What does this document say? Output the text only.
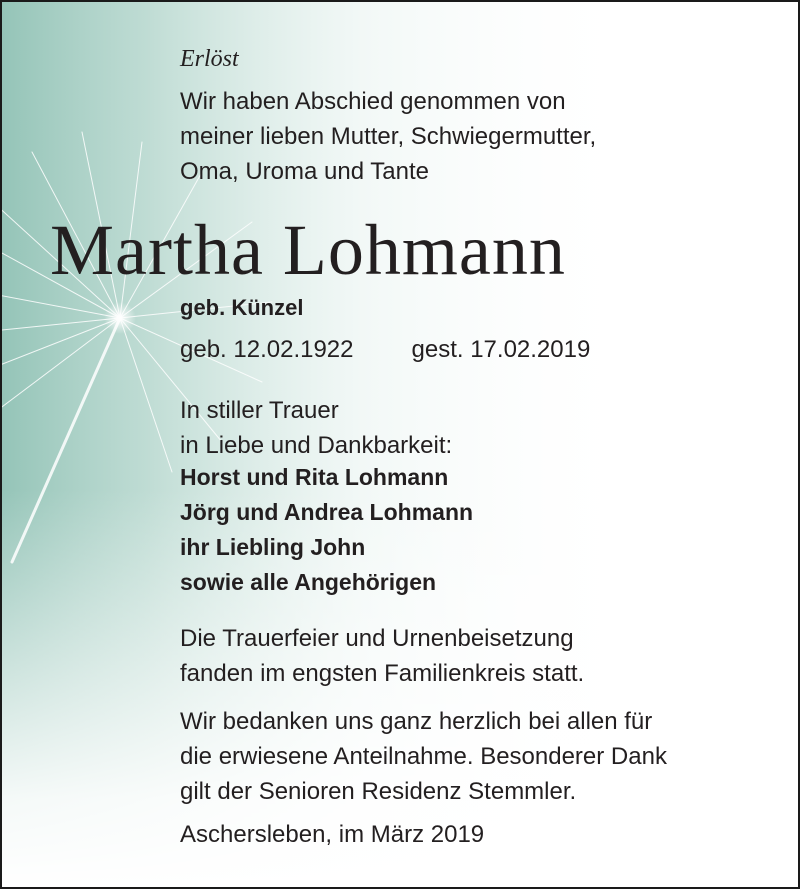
Erlöst
Wir haben Abschied genommen von
meiner lieben Mutter, Schwiegermutter,
Oma, Uroma und Tante
Martha Lohmann
geb. Künzel
geb. 12.02.1922 gest. 17.02.2019
In stiller Trauer
in Liebe und Dankbarkeit:
Horst und Rita Lohmann
Jörg und Andrea Lohmann
ihr Liebling John
sowie alle Angehörigen
Die Trauerfeier und Urnenbeisetzung
fanden im engsten Familienkreis statt.
Wir bedanken uns ganz herzlich bei allen für
die erwiesene Anteilnahme. Besonderer Dank
gilt der Senioren Residenz Stemmler.
Aschersleben, im März 2019
